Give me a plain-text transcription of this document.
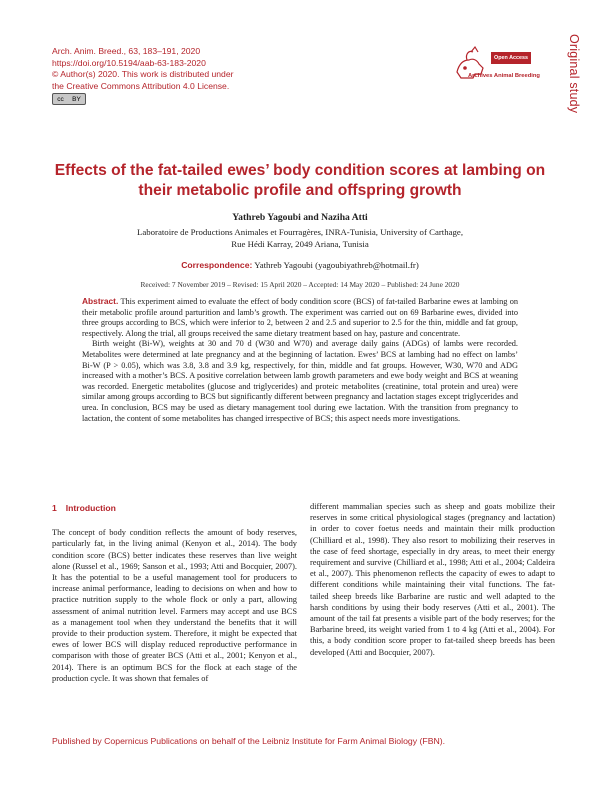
Arch. Anim. Breed., 63, 183–191, 2020
https://doi.org/10.5194/aab-63-183-2020
© Author(s) 2020. This work is distributed under
the Creative Commons Attribution 4.0 License.
cc BY
Open Access
Archives Animal Breeding Original study
Effects of the fat-tailed ewes’ body condition scores at lambing on their metabolic profile and offspring growth
Yathreb Yagoubi and Naziha Atti
Laboratoire de Productions Animales et Fourragères, INRA-Tunisia, University of Carthage,
Rue Hédi Karray, 2049 Ariana, Tunisia
Correspondence: Yathreb Yagoubi (yagoubiyathreb@hotmail.fr)
Received: 7 November 2019 – Revised: 15 April 2020 – Accepted: 14 May 2020 – Published: 24 June 2020

Abstract. This experiment aimed to evaluate the effect of body condition score (BCS) of fat-tailed Barbarine ewes at lambing on their metabolic profile around parturition and lamb’s growth. The experiment was carried out on 69 Barbarine ewes, divided into three groups according to BCS, which were inferior to 2, between 2 and 2.5 and superior to 2.5 for the thin, middle and fat group, respectively. Along the trial, all groups received the same dietary treatment based on hay, pasture and concentrate.

Birth weight (Bi-W), weights at 30 and 70 d (W30 and W70) and average daily gains (ADGs) of lambs were recorded. Metabolites were determined at late pregnancy and at the beginning of lactation. Ewes’ BCS at lambing had no effect on lambs’ Bi-W (P > 0.05), which was 3.8, 3.8 and 3.9 kg, respectively, for thin, middle and fat groups. However, W30, W70 and ADG increased with a mother’s BCS. A positive correlation between lamb growth parameters and ewe body weight and BCS at weaning was recorded. Energetic metabolites (glucose and triglycerides) and proteic metabolites (creatinine, total protein and urea) were similar among groups according to BCS but significantly different between pregnancy and lactation stages except triglycerides and urea. In conclusion, BCS may be used as dietary management tool during ewe lactation. With the transition from pregnancy to lactation, the content of some metabolites has changed irrespective of BCS; this aspect needs more investigations.

1 Introduction

The concept of body condition reflects the amount of body reserves, particularly fat, in the living animal (Kenyon et al., 2014). The body condition score (BCS) better indicates these reserves than live weight alone (Russel et al., 1969; Sanson et al., 1993; Atti and Bocquier, 2007). It has the potential to be a useful management tool for producers to increase animal performance, leading to decisions on when and how to practice nutrition supply to the whole flock or only a part, allowing assessment of animal nutrition level. Farmers may accept and use BCS as a management tool when they understand the benefits that it will provide to their production system. Therefore, it might be expected that ewes of lower BCS will display reduced reproductive performance in comparison with those of greater BCS (Atti et al., 2001; Kenyon et al., 2014). There is an optimum BCS for the flock at each stage of the production cycle. It was shown that females of

different mammalian species such as sheep and goats mobilize their reserves in some critical physiological stages (pregnancy and lactation) in order to cover foetus needs and maintain their milk production (Chilliard et al., 1998). They also resort to mobilizing their reserves in the case of feed shortage, especially in dry areas, to meet their energy requirement and survive (Chilliard et al., 1998; Atti et al., 2004; Caldeira et al., 2007). This phenomenon reflects the capacity of ewes to adapt to different conditions while maintaining their vital functions. The fat-tailed sheep breeds like Barbarine are rustic and well adapted to the harsh conditions by using their body reserves (Atti et al., 2001). The amount of the tail fat presents a visible part of the body reserves; for the Barbarine breed, its weight varied from 1 to 4 kg (Atti et al., 2004). For this, a body condition score proper to fat-tailed sheep breeds has been developed (Atti and Bocquier, 2007).

Published by Copernicus Publications on behalf of the Leibniz Institute for Farm Animal Biology (FBN).
